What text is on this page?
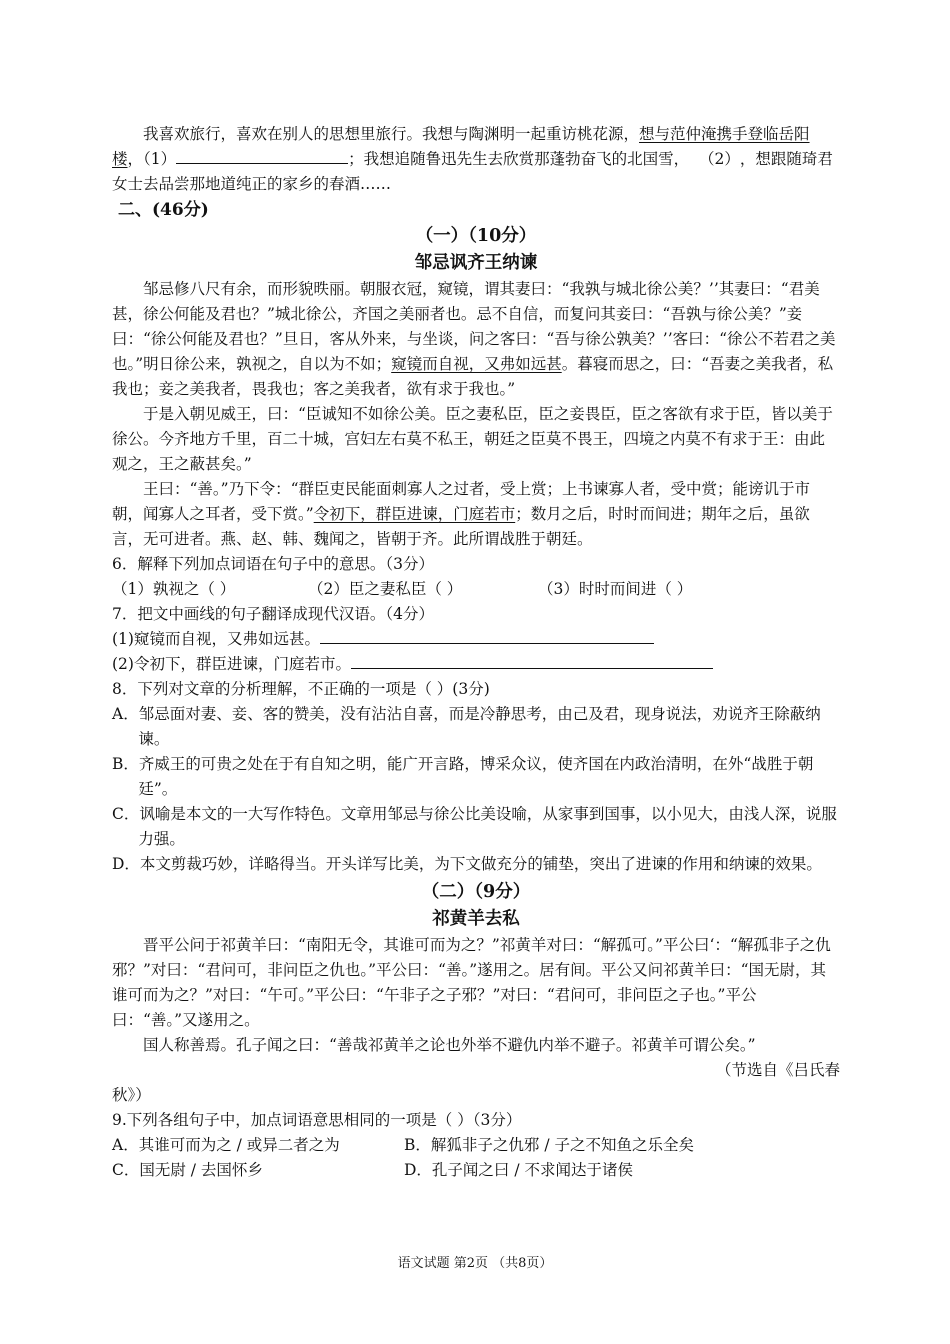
我喜欢旅行，喜欢在别人的思想里旅行。我想与陶渊明一起重访桃花源，想与范仲淹携手登临岳阳楼，（1）	；我想追随鲁迅先生去欣赏那蓬勃奋飞的北国雪， （2），想跟随琦君女士去品尝那地道纯正的家乡的春酒……

二、(46分)

（一）（10分）

邹忌讽齐王纳谏

邹忌修八尺有余，而形貌昳丽。朝服衣冠，窥镜，谓其妻曰：“我孰与城北徐公美？’’其妻曰：“君美甚，徐公何能及君也？”城北徐公，齐国之美丽者也。忌不自信，而复问其妾曰：“吾孰与徐公美？”妾曰：“徐公何能及君也？”旦日，客从外来，与坐谈，问之客曰：“吾与徐公孰美？’’客曰：“徐公不若君之美也。”明日徐公来，孰视之，自以为不如；窥镜而自视，又弗如远甚。暮寝而思之，曰：“吾妻之美我者，私我也；妾之美我者，畏我也；客之美我者，欲有求于我也。”

于是入朝见威王，曰：“臣诚知不如徐公美。臣之妻私臣，臣之妾畏臣，臣之客欲有求于臣，皆以美于徐公。今齐地方千里，百二十城，宫妇左右莫不私王，朝廷之臣莫不畏王，四境之内莫不有求于王：由此观之，王之蔽甚矣。”

王曰：“善。”乃下令：“群臣吏民能面刺寡人之过者，受上赏；上书谏寡人者，受中赏；能谤讥于市朝，闻寡人之耳者，受下赏。”令初下，群臣进谏，门庭若市；数月之后，时时而间进；期年之后，虽欲言，无可进者。燕、赵、韩、魏闻之，皆朝于齐。此所谓战胜于朝廷。

6．解释下列加点词语在句子中的意思。（3分）

（1）孰视之（ ）	（2）臣之妻私臣（ ）	（3）时时而间进（ ）

7．把文中画线的句子翻译成现代汉语。（4分）

(1)窥镜而自视，又弗如远甚。

(2)令初下，群臣进谏，门庭若市。

8．下列对文章的分析理解，不正确的一项是（ ）(3分)

A．邹忌面对妻、妾、客的赞美，没有沾沾自喜，而是冷静思考，由己及君，现身说法，劝说齐王除蔽纳谏。

B．齐威王的可贵之处在于有自知之明，能广开言路，博采众议，使齐国在内政治清明，在外“战胜于朝廷”。

C．讽喻是本文的一大写作特色。文章用邹忌与徐公比美设喻，从家事到国事，以小见大，由浅人深，说服力强。

D．本文剪裁巧妙，详略得当。开头详写比美，为下文做充分的铺垫，突出了进谏的作用和纳谏的效果。

（二）（9分）

祁黄羊去私

晋平公问于祁黄羊曰：“南阳无令，其谁可而为之？”祁黄羊对曰：“解孤可。”平公曰‘：“解孤非子之仇邪？”对曰：“君问可，非问臣之仇也。”平公曰：“善。”遂用之。居有间。平公又问祁黄羊曰：“国无尉，其谁可而为之？”对曰：“午可。”平公曰：“午非子之子邪？”对曰：“君问可，非问臣之子也。”平公曰：“善。”又遂用之。

国人称善焉。孔子闻之曰：“善哉祁黄羊之论也外举不避仇内举不避子。祁黄羊可谓公矣。”

（节选自《吕氏春

秋》）

9.下列各组句子中，加点词语意思相同的一项是（ ）（3分）

A．其谁可而为之 / 或异二者之为	B．解狐非子之仇邪 / 子之不知鱼之乐全矣
C．国无尉 / 去国怀乡	D．孔子闻之曰 / 不求闻达于诸侯
语文试题 第2页 （共8页）
